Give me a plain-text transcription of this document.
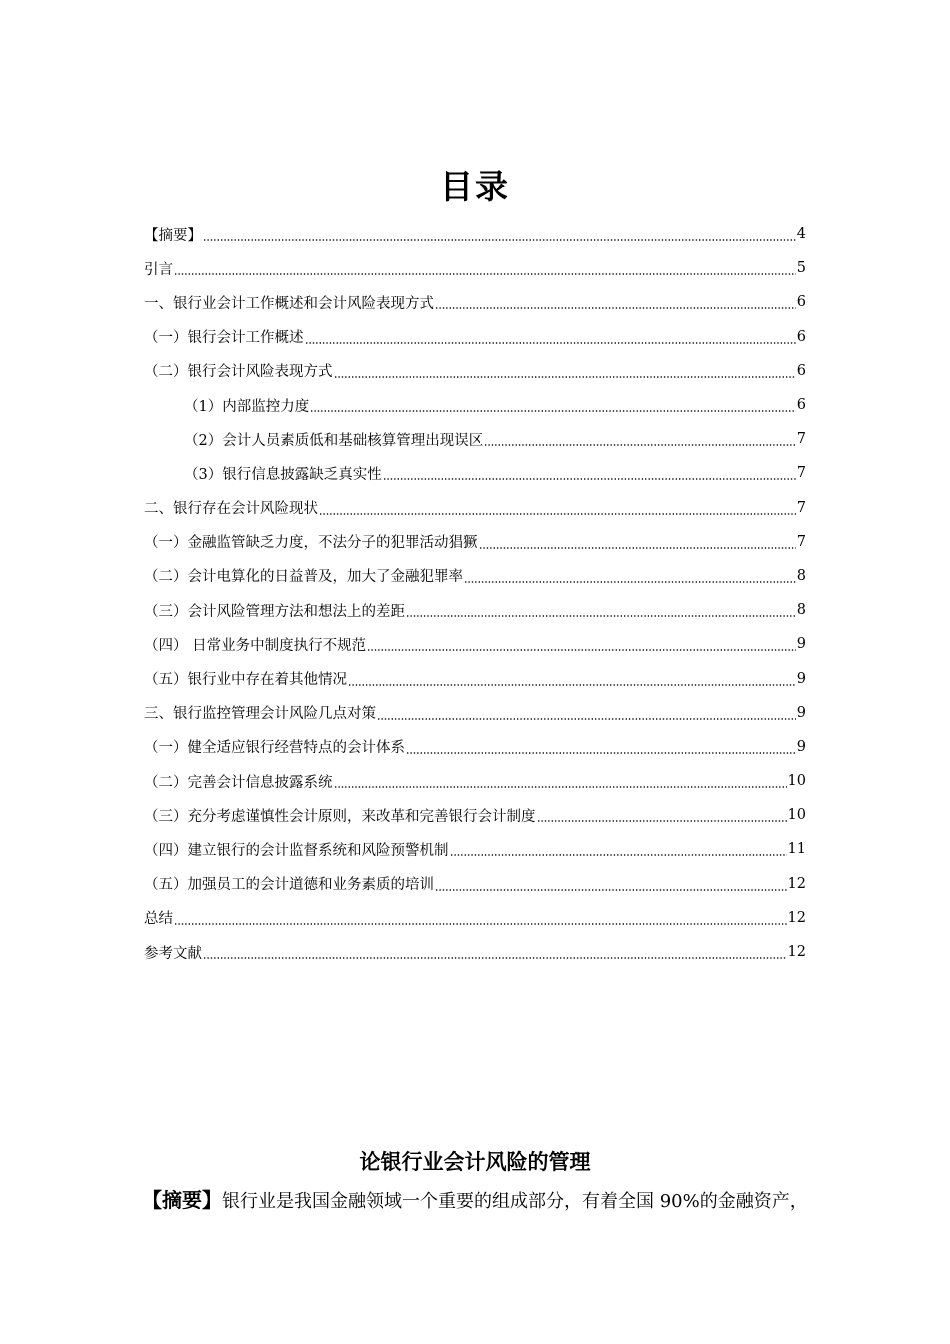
目录
【摘要】	4
引言	5
一、银行业会计工作概述和会计风险表现方式	6
（一）银行会计工作概述	6
（二）银行会计风险表现方式	6
（1）内部监控力度	6
（2）会计人员素质低和基础核算管理出现误区	7
（3）银行信息披露缺乏真实性	7
二、银行存在会计风险现状	7
（一）金融监管缺乏力度，不法分子的犯罪活动猖獗	7
（二）会计电算化的日益普及，加大了金融犯罪率	8
（三）会计风险管理方法和想法上的差距	8
（四） 日常业务中制度执行不规范	9
（五）银行业中存在着其他情况	9
三、银行监控管理会计风险几点对策	9
（一）健全适应银行经营特点的会计体系	9
（二）完善会计信息披露系统	10
（三）充分考虑谨慎性会计原则，来改革和完善银行会计制度	10
（四）建立银行的会计监督系统和风险预警机制	11
（五）加强员工的会计道德和业务素质的培训	12
总结	12
参考文献	12
论银行业会计风险的管理
【摘要】银行业是我国金融领域一个重要的组成部分，有着全国 90%的金融资产，
